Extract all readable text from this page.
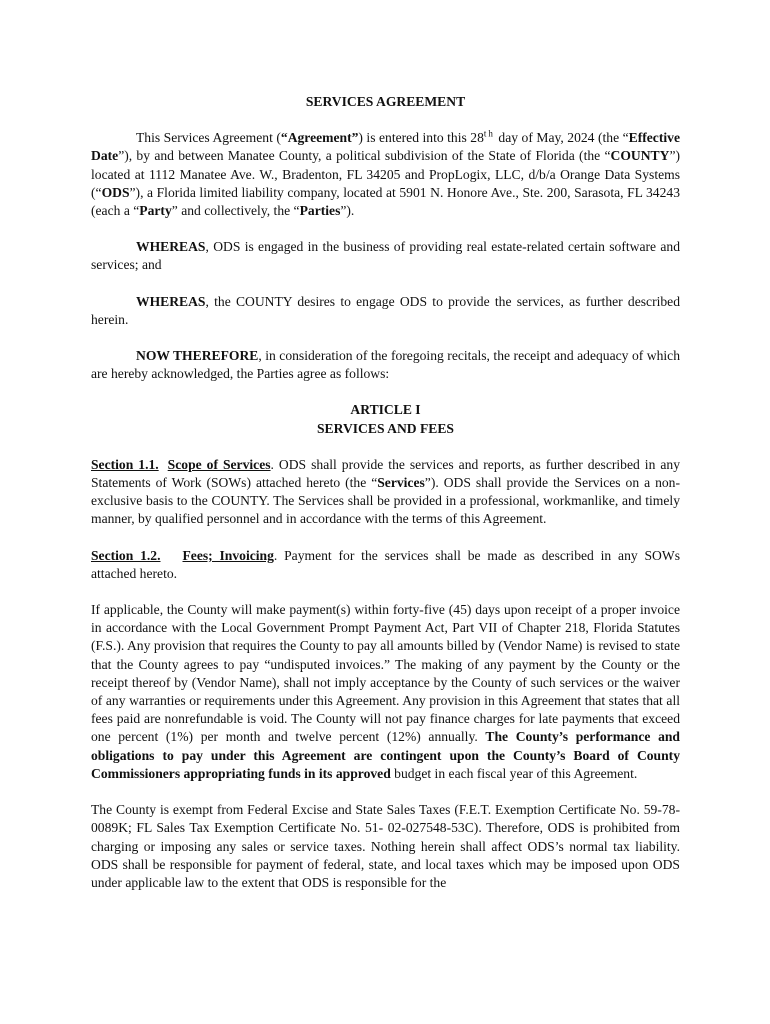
SERVICES AGREEMENT

This Services Agreement (“Agreement”) is entered into this 28th day of May, 2024 (the “Effective Date”), by and between Manatee County, a political subdivision of the State of Florida (the “COUNTY”) located at 1112 Manatee Ave. W., Bradenton, FL 34205 and PropLogix, LLC, d/b/a Orange Data Systems (“ODS”), a Florida limited liability company, located at 5901 N. Honore Ave., Ste. 200, Sarasota, FL 34243 (each a “Party” and collectively, the “Parties”).

WHEREAS, ODS is engaged in the business of providing real estate-related certain software and services; and

WHEREAS, the COUNTY desires to engage ODS to provide the services, as further described herein.

NOW THEREFORE, in consideration of the foregoing recitals, the receipt and adequacy of which are hereby acknowledged, the Parties agree as follows:

ARTICLE I
SERVICES AND FEES

Section 1.1. Scope of Services. ODS shall provide the services and reports, as further described in any Statements of Work (SOWs) attached hereto (the “Services”). ODS shall provide the Services on a non-exclusive basis to the COUNTY. The Services shall be provided in a professional, workmanlike, and timely manner, by qualified personnel and in accordance with the terms of this Agreement.

Section 1.2. Fees; Invoicing. Payment for the services shall be made as described in any SOWs attached hereto.

If applicable, the County will make payment(s) within forty-five (45) days upon receipt of a proper invoice in accordance with the Local Government Prompt Payment Act, Part VII of Chapter 218, Florida Statutes (F.S.). Any provision that requires the County to pay all amounts billed by (Vendor Name) is revised to state that the County agrees to pay “undisputed invoices.” The making of any payment by the County or the receipt thereof by (Vendor Name), shall not imply acceptance by the County of such services or the waiver of any warranties or requirements under this Agreement. Any provision in this Agreement that states that all fees paid are nonrefundable is void. The County will not pay finance charges for late payments that exceed one percent (1%) per month and twelve percent (12%) annually. The County’s performance and obligations to pay under this Agreement are contingent upon the County’s Board of County Commissioners appropriating funds in its approved budget in each fiscal year of this Agreement.

The County is exempt from Federal Excise and State Sales Taxes (F.E.T. Exemption Certificate No. 59-78-0089K; FL Sales Tax Exemption Certificate No. 51- 02-027548-53C). Therefore, ODS is prohibited from charging or imposing any sales or service taxes. Nothing herein shall affect ODS’s normal tax liability. ODS shall be responsible for payment of federal, state, and local taxes which may be imposed upon ODS under applicable law to the extent that ODS is responsible for the
